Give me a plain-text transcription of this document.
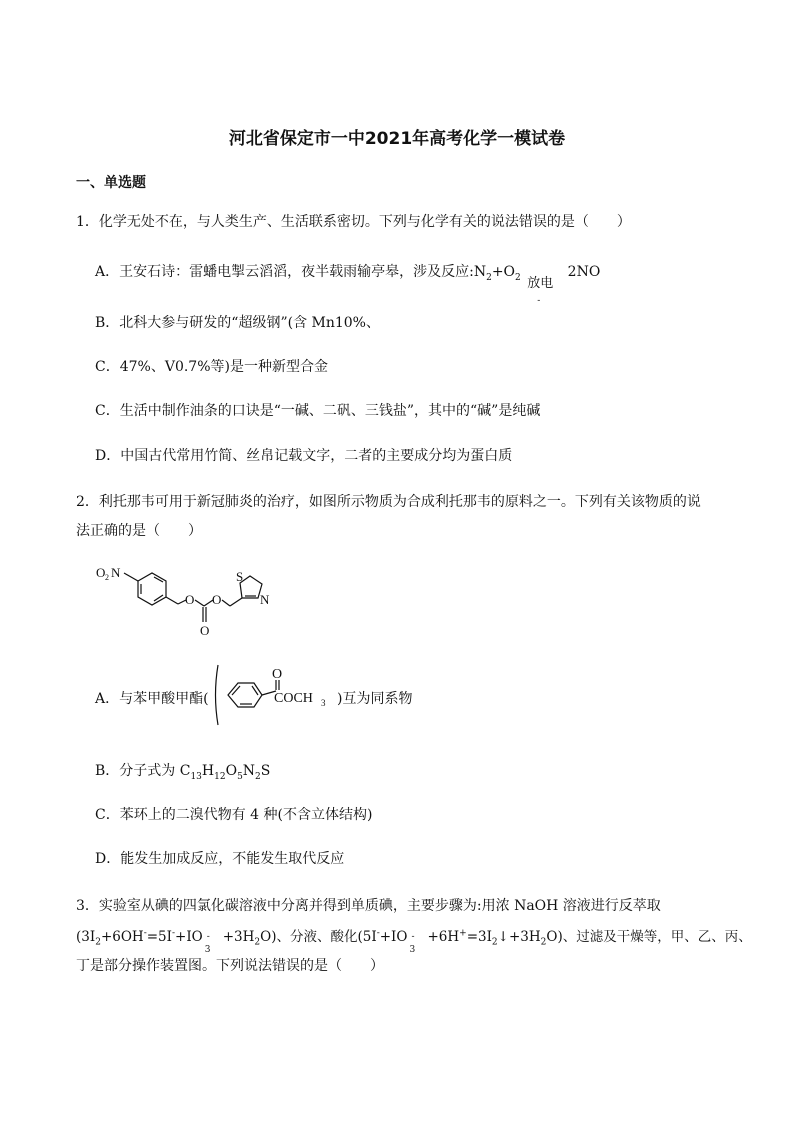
河北省保定市一中2021年高考化学一模试卷
一、单选题
1．化学无处不在，与人类生产、生活联系密切。下列与化学有关的说法错误的是（　　）
A．王安石诗：雷蟠电掣云滔滔，夜半载雨输亭皋，涉及反应$:N_2+O_2$ 放电
-
2NO
B．北科大参与研发的“超级钢”(含 Mn10%、
C．47%、V0.7%等)是一种新型合金
C．生活中制作油条的口诀是“一碱、二矾、三钱盐”，其中的“碱”是纯碱
D．中国古代常用竹简、丝帛记载文字，二者的主要成分均为蛋白质
2．利托那韦可用于新冠肺炎的治疗，如图所示物质为合成利托那韦的原料之一。下列有关该物质的说
法正确的是（　　）
O 2 N
O O
O
S
N
A．与苯甲酸甲酯(
O
COCH 3 )互为同系物
B．分子式为 $C_{13}H_{12}O_5N_2S$
C．苯环上的二溴代物有 4 种(不含立体结构)
D．能发生加成反应，不能发生取代反应
3．实验室从碘的四氯化碳溶液中分离并得到单质碘，主要步骤为:用浓 NaOH 溶液进行反萃取
($3I_2+6OH^-=5I^-+IO$ -
3
$+3H_2O$)、分液、酸化(5I-+IO -
3
$+6H^+=3I_2↓+3H_2O$)、过滤及干燥等，甲、乙、丙、
丁是部分操作装置图。下列说法错误的是（　　）
